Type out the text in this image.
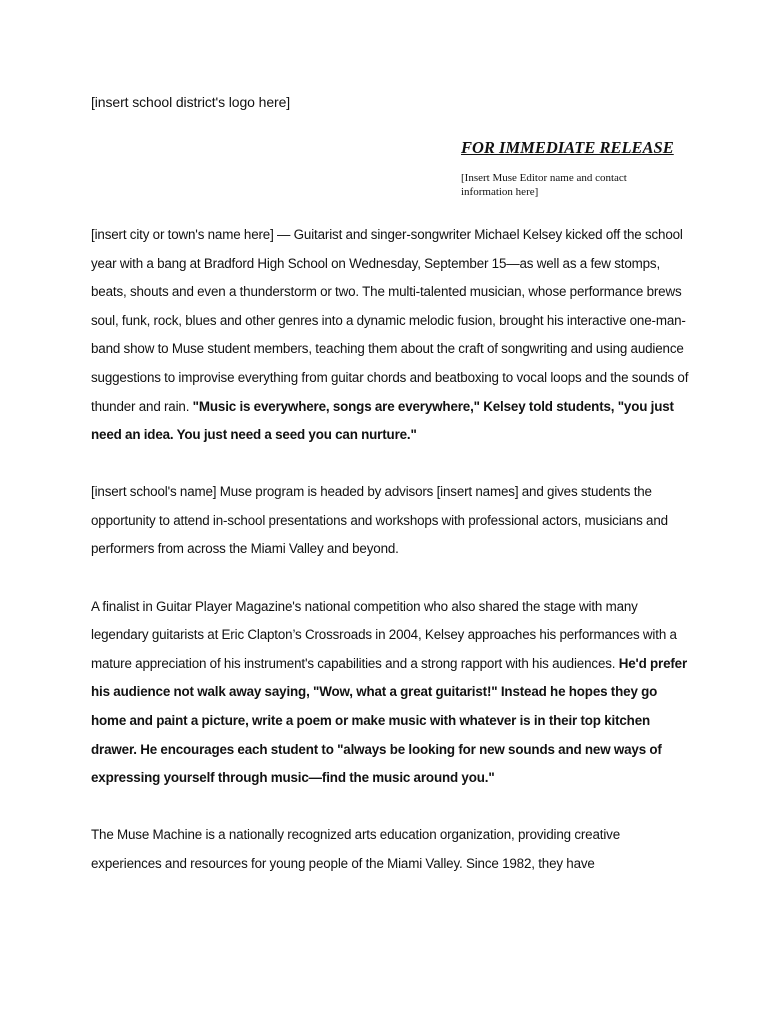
[insert school district's logo here]
FOR IMMEDIATE RELEASE
[Insert Muse Editor name and contact information here]

[insert city or town's name here] — Guitarist and singer-songwriter Michael Kelsey kicked off the school year with a bang at Bradford High School on Wednesday, September 15—as well as a few stomps, beats, shouts and even a thunderstorm or two. The multi-talented musician, whose performance brews soul, funk, rock, blues and other genres into a dynamic melodic fusion, brought his interactive one-man-band show to Muse student members, teaching them about the craft of songwriting and using audience suggestions to improvise everything from guitar chords and beatboxing to vocal loops and the sounds of thunder and rain. "Music is everywhere, songs are everywhere," Kelsey told students, "you just need an idea. You just need a seed you can nurture."

[insert school's name] Muse program is headed by advisors [insert names] and gives students the opportunity to attend in-school presentations and workshops with professional actors, musicians and performers from across the Miami Valley and beyond.

A finalist in Guitar Player Magazine's national competition who also shared the stage with many legendary guitarists at Eric Clapton’s Crossroads in 2004, Kelsey approaches his performances with a mature appreciation of his instrument's capabilities and a strong rapport with his audiences. He'd prefer his audience not walk away saying, "Wow, what a great guitarist!" Instead he hopes they go home and paint a picture, write a poem or make music with whatever is in their top kitchen drawer. He encourages each student to "always be looking for new sounds and new ways of expressing yourself through music—find the music around you."

The Muse Machine is a nationally recognized arts education organization, providing creative experiences and resources for young people of the Miami Valley. Since 1982, they have
